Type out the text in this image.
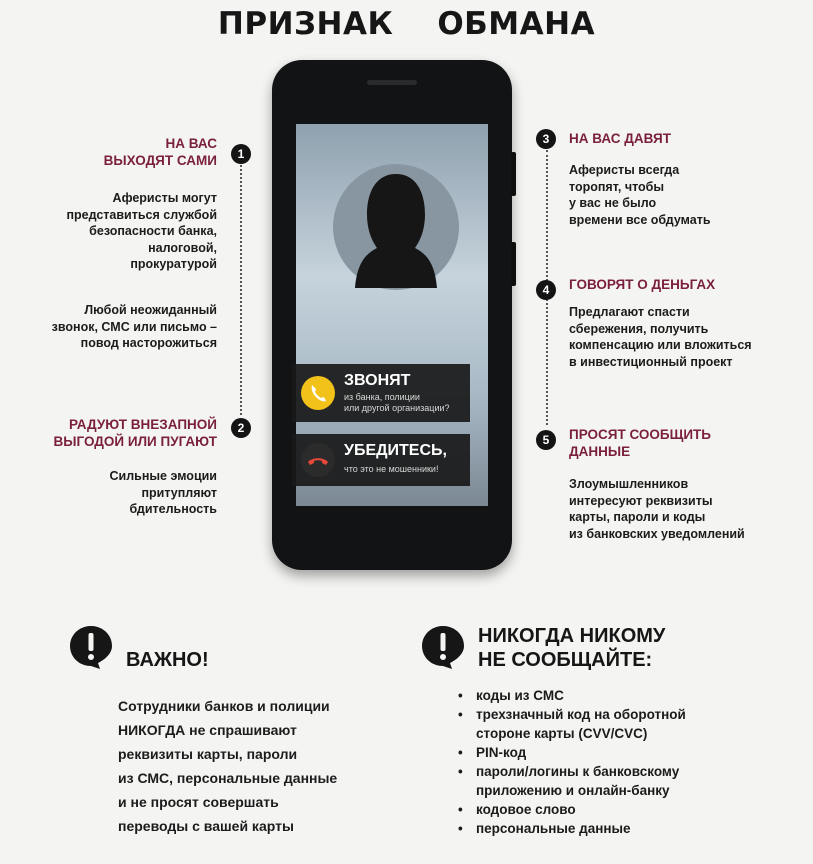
ПРИЗНАК ОБМАНА
ЗВОНЯТ
из банка, полиции
или другой организации?
УБЕДИТЕСЬ,
что это не мошенники!
1
НА ВАС
ВЫХОДЯТ САМИ
Аферисты могут
представиться службой
безопасности банка,
налоговой,
прокуратурой
Любой неожиданный
звонок, СМС или письмо –
повод насторожиться
2
РАДУЮТ ВНЕЗАПНОЙ
ВЫГОДОЙ ИЛИ ПУГАЮТ
Сильные эмоции
притупляют
бдительность
3	НА ВАС ДАВЯТ
Аферисты всегда
торопят, чтобы
у вас не было
времени все обдумать
4	ГОВОРЯТ О ДЕНЬГАХ
Предлагают спасти
сбережения, получить
компенсацию или вложиться
в инвестиционный проект
5	ПРОСЯТ СООБЩИТЬ
ДАННЫЕ
Злоумышленников
интересуют реквизиты
карты, пароли и коды
из банковских уведомлений
ВАЖНО!
Сотрудники банков и полиции
НИКОГДА не спрашивают
реквизиты карты, пароли
из СМС, персональные данные
и не просят совершать
переводы с вашей карты
НИКОГДА НИКОМУ
НЕ СООБЩАЙТЕ:
• коды из СМС
• трехзначный код на оборотной
стороне карты (CVV/CVC)
• PIN-код
• пароли/логины к банковскому
приложению и онлайн-банку
• кодовое слово
• персональные данные
